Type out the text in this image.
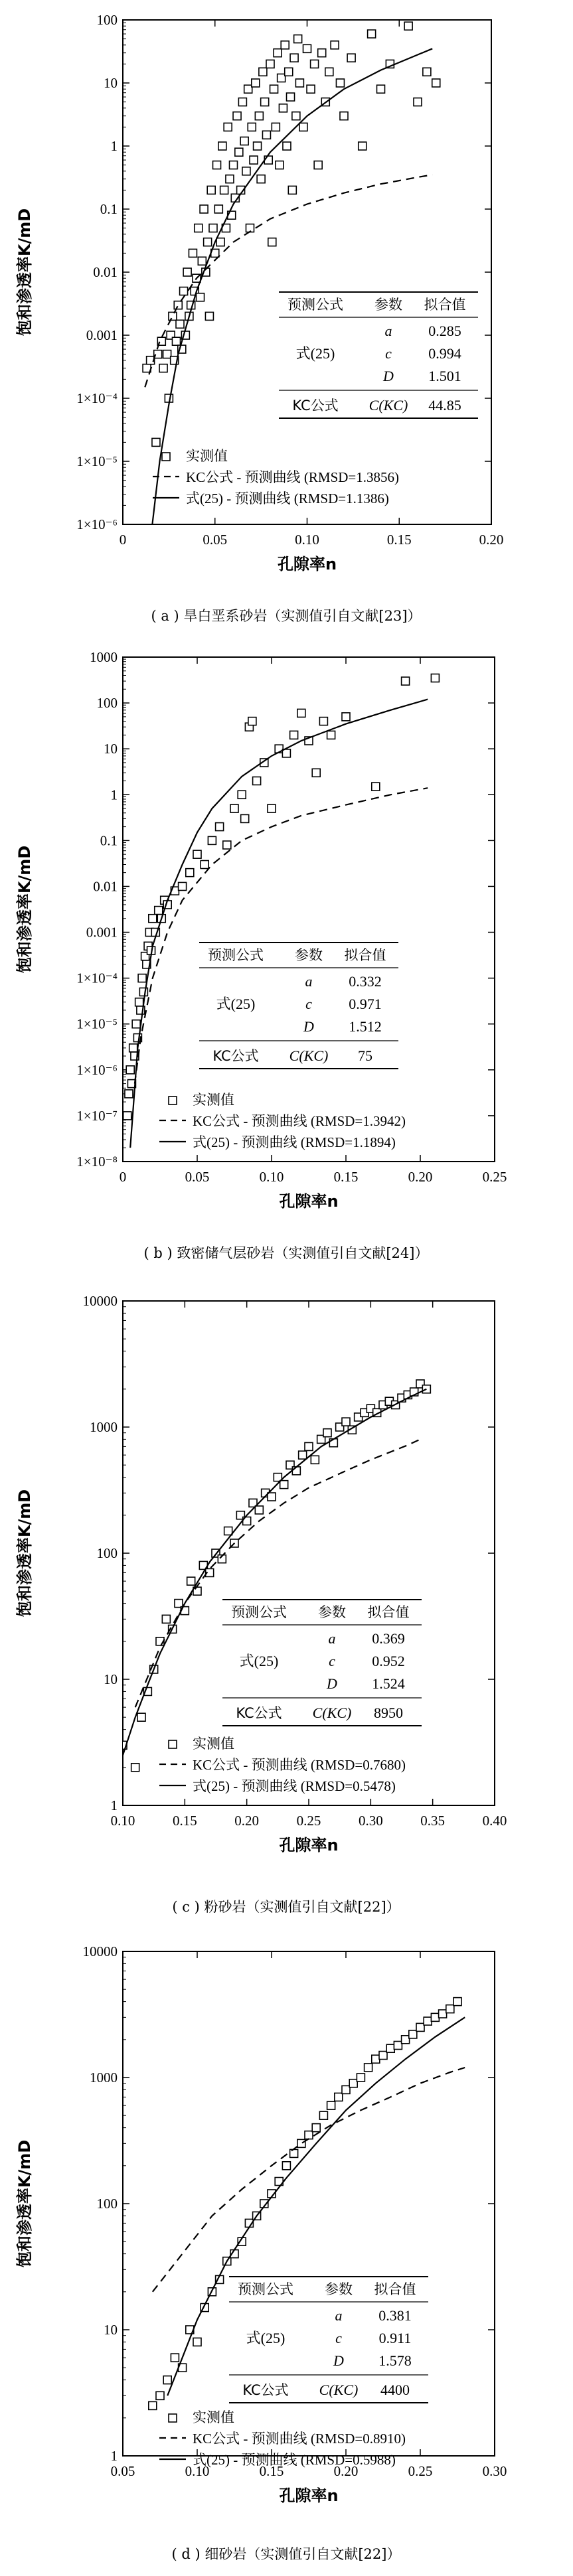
1×10⁻⁶
1×10⁻⁵
1×10⁻⁴
0.001
0.01
0.1
1
10
100
0	0.05	0.10	0.15	0.20
孔隙率n
饱和渗透率K/mD	预测公式 参数 拟合值
a 0.285
c	0.994
D 1.501
式(25)
KC公式 C(KC) 44.85
实测值
KC公式 - 预测曲线 (RMSD=1.3856)
式(25) - 预测曲线 (RMSD=1.1386)
( a ) 旱白垩系砂岩（实测值引自文献[23]）
1×10⁻⁸
1×10⁻⁷
1×10⁻⁶
1×10⁻⁵
1×10⁻⁴
0.001
0.01
0.1
1
10
100
1000
0	0.05	0.10	0.15	0.20	0.25
孔隙率n
饱和渗透率K/mD	预测公式 参数 拟合值
a 0.332
c	0.971
D 1.512
式(25)
KC公式 C(KC) 75
实测值
KC公式 - 预测曲线 (RMSD=1.3942)
式(25) - 预测曲线 (RMSD=1.1894)
( b ) 致密储气层砂岩（实测值引自文献[24]）
1
10
100
1000
10000
0.10	0.15	0.20	0.25	0.30	0.35	0.40
孔隙率n
饱和渗透率K/mD	预测公式 参数 拟合值
a 0.369
c	0.952
D 1.524
式(25)
KC公式 C(KC) 8950
实测值
KC公式 - 预测曲线 (RMSD=0.7680)
式(25) - 预测曲线 (RMSD=0.5478)
( c ) 粉砂岩（实测值引自文献[22]）
1
10
100
1000
10000
0.05	0.10	0.15	0.20	0.25	0.30
孔隙率n
饱和渗透率K/mD
预测公式 参数 拟合值
a 0.381
c	0.911
D 1.578
式(25)
KC公式 C(KC) 4400
实测值
KC公式 - 预测曲线 (RMSD=0.8910)
式(25) - 预测曲线 (RMSD=0.5988)
( d ) 细砂岩（实测值引自文献[22]）
